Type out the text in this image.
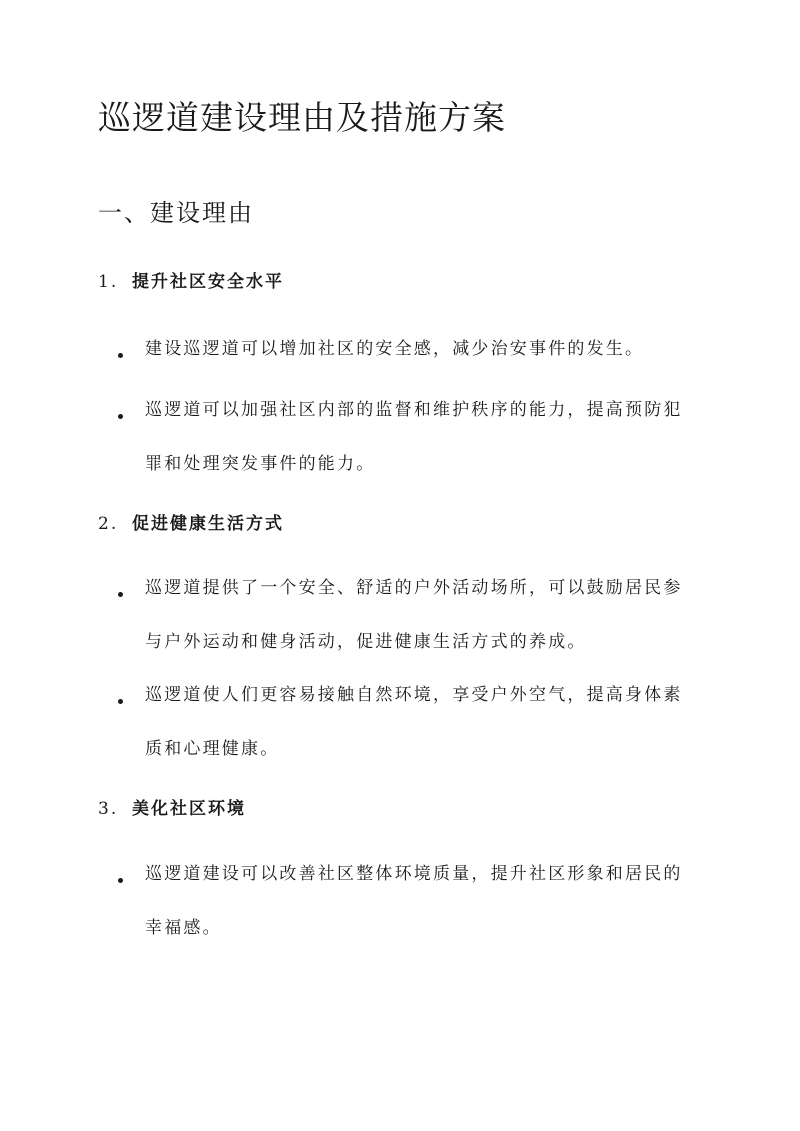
巡逻道建设理由及措施方案
一、建设理由
1. 提升社区安全水平
建设巡逻道可以增加社区的安全感，减少治安事件的发生。
巡逻道可以加强社区内部的监督和维护秩序的能力，提高预防犯罪和处理突发事件的能力。
2. 促进健康生活方式
巡逻道提供了一个安全、舒适的户外活动场所，可以鼓励居民参与户外运动和健身活动，促进健康生活方式的养成。
巡逻道使人们更容易接触自然环境，享受户外空气，提高身体素质和心理健康。
3. 美化社区环境
巡逻道建设可以改善社区整体环境质量，提升社区形象和居民的幸福感。
